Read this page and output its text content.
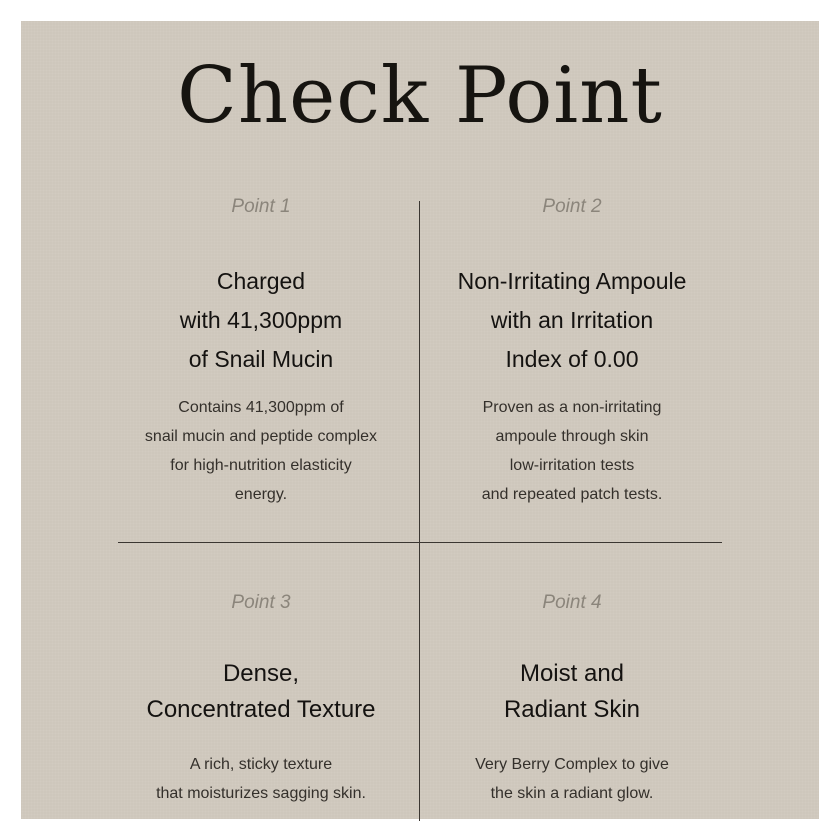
Check Point
Point 1
Charged
with 41,300ppm
of Snail Mucin
Contains 41,300ppm of
snail mucin and peptide complex
for high-nutrition elasticity
energy.
Point 2
Non-Irritating Ampoule
with an Irritation
Index of 0.00
Proven as a non-irritating
ampoule through skin
low-irritation tests
and repeated patch tests.
Point 3
Dense,
Concentrated Texture
A rich, sticky texture
that moisturizes sagging skin.
Point 4
Moist and
Radiant Skin
Very Berry Complex to give
the skin a radiant glow.
